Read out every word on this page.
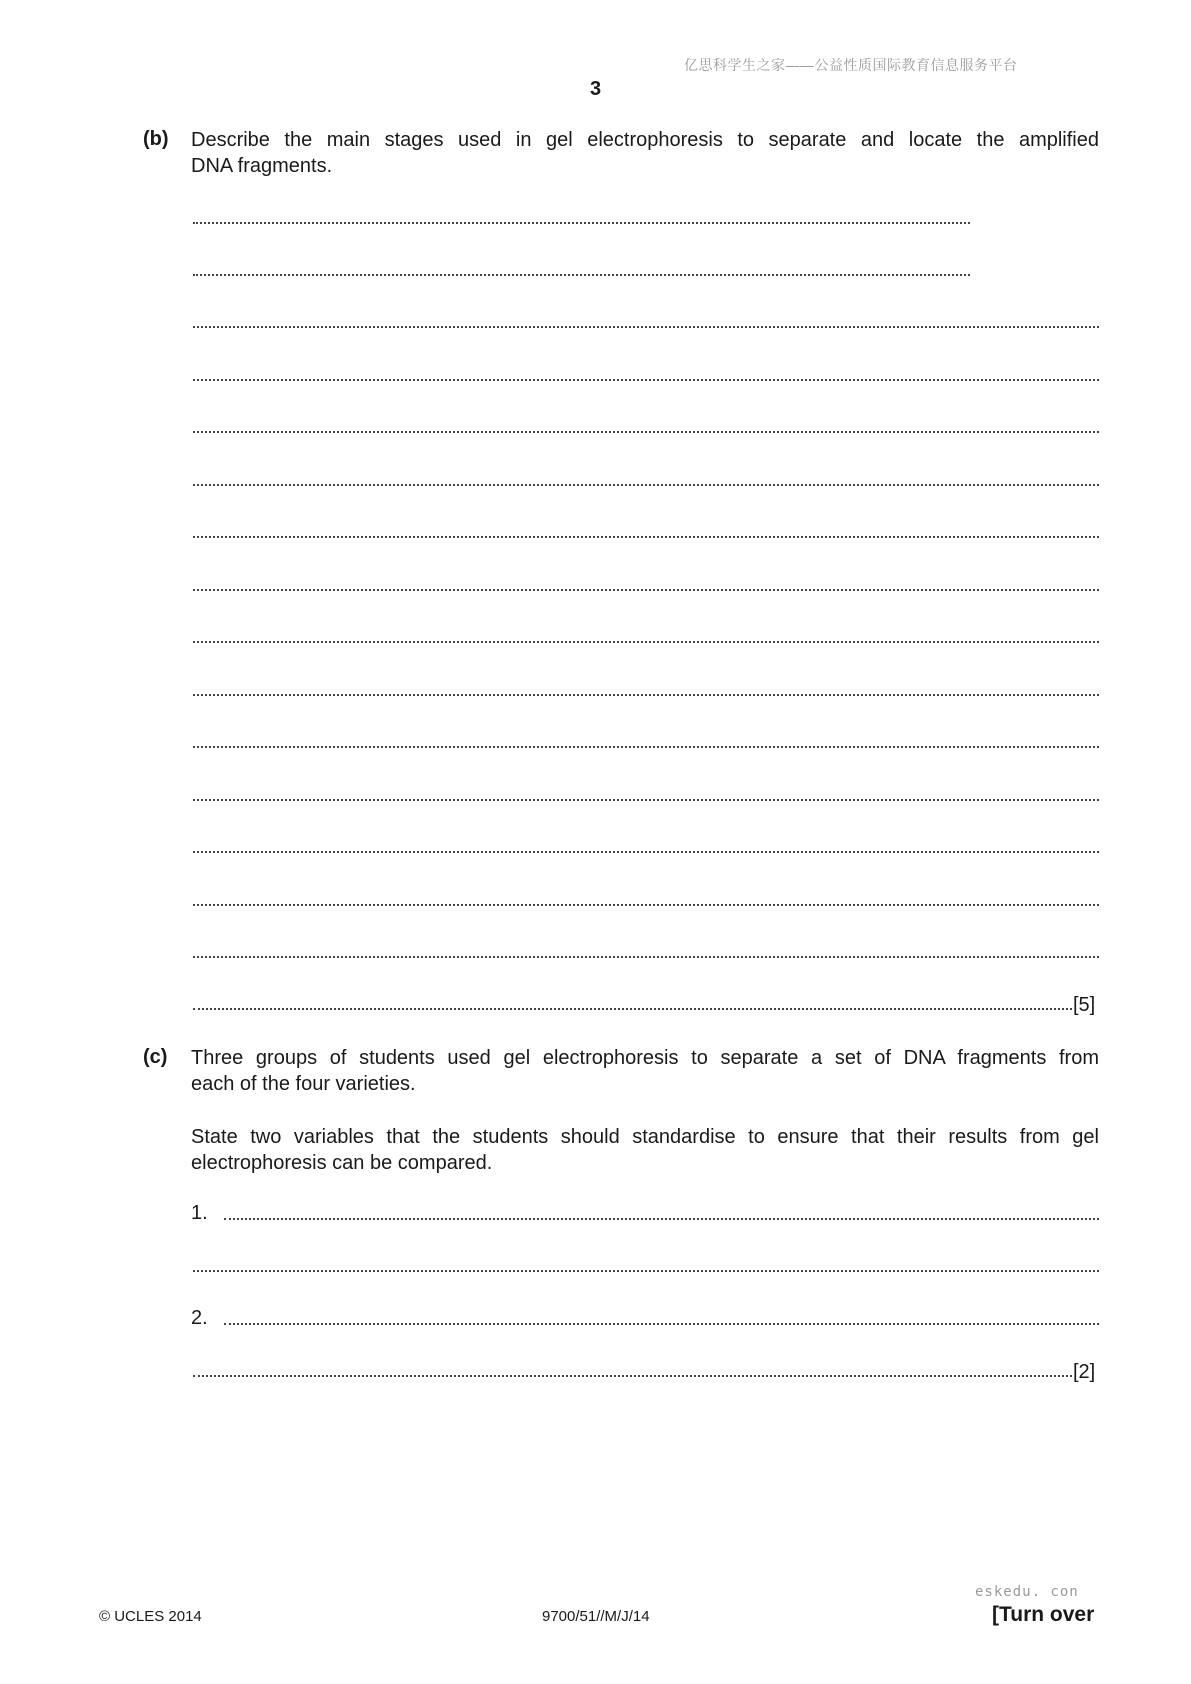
亿思科学生之家——公益性质国际教育信息服务平台
3
(b) Describe the main stages used in gel electrophoresis to separate and locate the amplified
DNA fragments.
[5]
(c) Three groups of students used gel electrophoresis to separate a set of DNA fragments from
each of the four varieties.
State two variables that the students should standardise to ensure that their results from gel
electrophoresis can be compared.
1.
2.
[2]
eskedu. con
© UCLES 2014	9700/51//M/J/14	[Turn over
